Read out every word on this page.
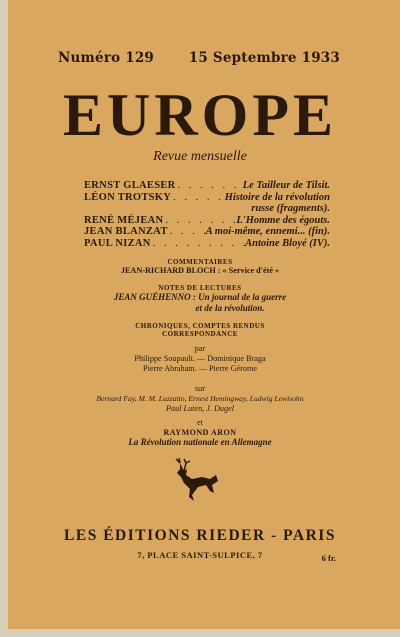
Numéro 129	15 Septembre 1933
EUROPE
Revue mensuelle
ERNST GLAESER . . .	Le Tailleur de Tilsit.
LÉON TROTSKY . . .	Histoire de la révolution
russe (fragments).
RENÉ MÉJEAN . . .	L'Homme des égouts.
JEAN BLANZAT . . .	A moi-même, ennemi... (fin).
PAUL NIZAN . . .	Antoine Bloyé (IV).
COMMENTAIRES
JEAN-RICHARD BLOCH : « Service d'été »
NOTES DE LECTURES
JEAN GUÉHENNO : Un journal de la guerre
et de la révolution.
CHRONIQUES, COMPTES RENDUS
CORRESPONDANCE
par
Philippe Soupault. — Dominique Braga
Pierre Abraham. — Pierre Gérome
sur
Bernard Fay, M. M. Luzzatto, Ernest Hemingway, Ludwig Lewisohn
Paul Luten, J. Dugel
et
RAYMOND ARON
La Révolution nationale en Allemagne
LES ÉDITIONS RIEDER - PARIS
7, PLACE SAINT-SULPICE, 7	6 fr.
